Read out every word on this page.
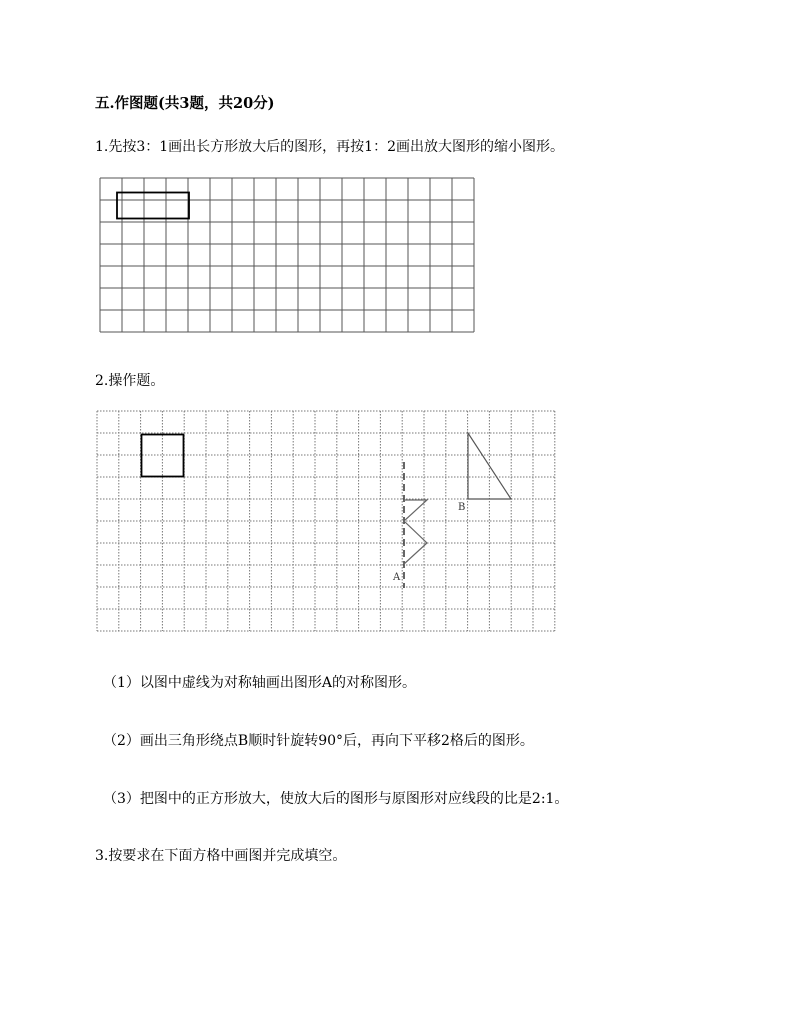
五.作图题(共3题，共20分)
1.先按3：1画出长方形放大后的图形，再按1：2画出放大图形的缩小图形。
2.操作题。
A
B
（1）以图中虚线为对称轴画出图形A的对称图形。
（2）画出三角形绕点B顺时针旋转90°后，再向下平移2格后的图形。
（3）把图中的正方形放大，使放大后的图形与原图形对应线段的比是2:1。
3.按要求在下面方格中画图并完成填空。
